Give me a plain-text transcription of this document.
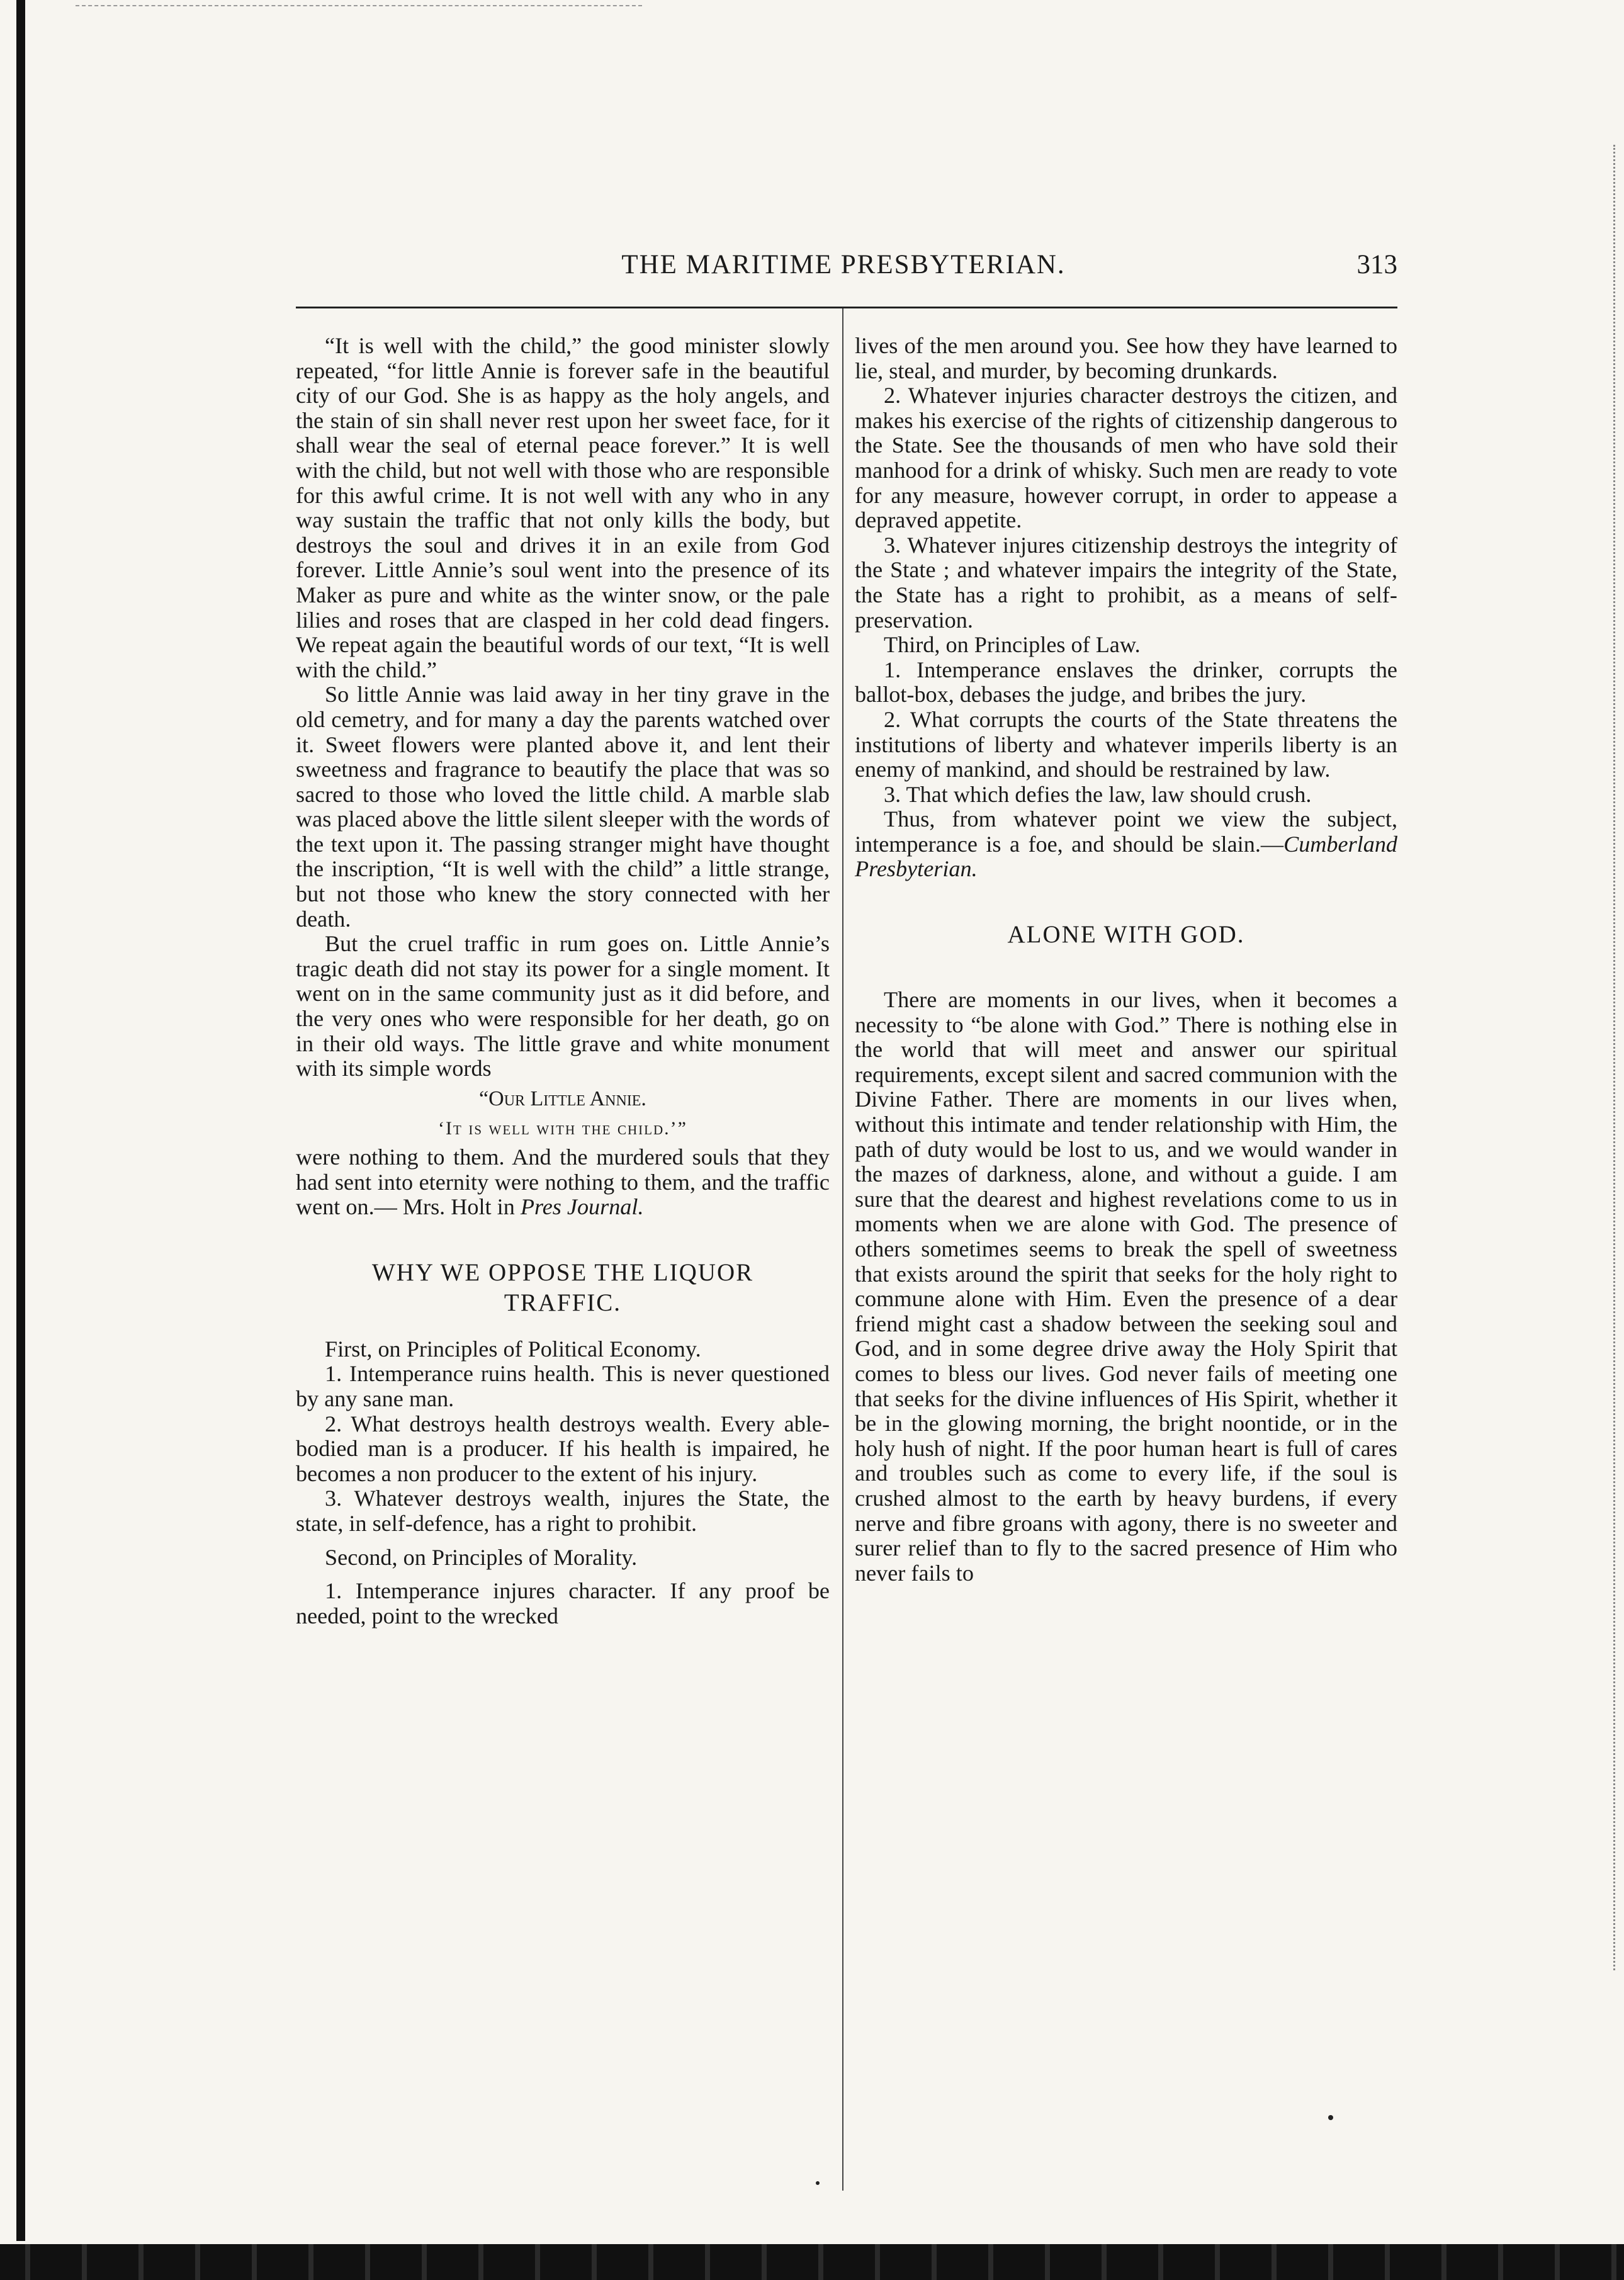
THE MARITIME PRESBYTERIAN.	313

“It is well with the child,” the good minister slowly repeated, “for little Annie is forever safe in the beautiful city of our God. She is as happy as the holy angels, and the stain of sin shall never rest upon her sweet face, for it shall wear the seal of eternal peace forever.” It is well with the child, but not well with those who are responsible for this awful crime. It is not well with any who in any way sustain the traffic that not only kills the body, but destroys the soul and drives it in an exile from God forever. Little Annie’s soul went into the presence of its Maker as pure and white as the winter snow, or the pale lilies and roses that are clasped in her cold dead fingers. We repeat again the beautiful words of our text, “It is well with the child.”

So little Annie was laid away in her tiny grave in the old cemetry, and for many a day the parents watched over it. Sweet flowers were planted above it, and lent their sweetness and fragrance to beautify the place that was so sacred to those who loved the little child. A marble slab was placed above the little silent sleeper with the words of the text upon it. The passing stranger might have thought the inscription, “It is well with the child” a little strange, but not those who knew the story connected with her death.

But the cruel traffic in rum goes on. Little Annie’s tragic death did not stay its power for a single moment. It went on in the same community just as it did before, and the very ones who were responsible for her death, go on in their old ways. The little grave and white monument with its simple words

“Our Little Annie.
‘It is well with the child.’”

were nothing to them. And the murdered souls that they had sent into eternity were nothing to them, and the traffic went on.— Mrs. Holt in Pres Journal.

WHY WE OPPOSE THE LIQUOR
TRAFFIC.

First, on Principles of Political Economy.

1. Intemperance ruins health. This is never questioned by any sane man.

2. What destroys health destroys wealth. Every able-bodied man is a producer. If his health is impaired, he becomes a non producer to the extent of his injury.

3. Whatever destroys wealth, injures the State, the state, in self-defence, has a right to prohibit.

Second, on Principles of Morality.

1. Intemperance injures character. If any proof be needed, point to the wrecked

lives of the men around you. See how they have learned to lie, steal, and murder, by becoming drunkards.

2. Whatever injuries character destroys the citizen, and makes his exercise of the rights of citizenship dangerous to the State. See the thousands of men who have sold their manhood for a drink of whisky. Such men are ready to vote for any measure, however corrupt, in order to appease a depraved appetite.

3. Whatever injures citizenship destroys the integrity of the State ; and whatever impairs the integrity of the State, the State has a right to prohibit, as a means of self-preservation.

Third, on Principles of Law.

1. Intemperance enslaves the drinker, corrupts the ballot-box, debases the judge, and bribes the jury.

2. What corrupts the courts of the State threatens the institutions of liberty and whatever imperils liberty is an enemy of mankind, and should be restrained by law.

3. That which defies the law, law should crush.

Thus, from whatever point we view the subject, intemperance is a foe, and should be slain.—Cumberland Presbyterian.

ALONE WITH GOD.

There are moments in our lives, when it becomes a necessity to “be alone with God.” There is nothing else in the world that will meet and answer our spiritual requirements, except silent and sacred communion with the Divine Father. There are moments in our lives when, without this intimate and tender relationship with Him, the path of duty would be lost to us, and we would wander in the mazes of darkness, alone, and without a guide. I am sure that the dearest and highest revelations come to us in moments when we are alone with God. The presence of others sometimes seems to break the spell of sweetness that exists around the spirit that seeks for the holy right to commune alone with Him. Even the presence of a dear friend might cast a shadow between the seeking soul and God, and in some degree drive away the Holy Spirit that comes to bless our lives. God never fails of meeting one that seeks for the divine influences of His Spirit, whether it be in the glowing morning, the bright noontide, or in the holy hush of night. If the poor human heart is full of cares and troubles such as come to every life, if the soul is crushed almost to the earth by heavy burdens, if every nerve and fibre groans with agony, there is no sweeter and surer relief than to fly to the sacred presence of Him who never fails to
